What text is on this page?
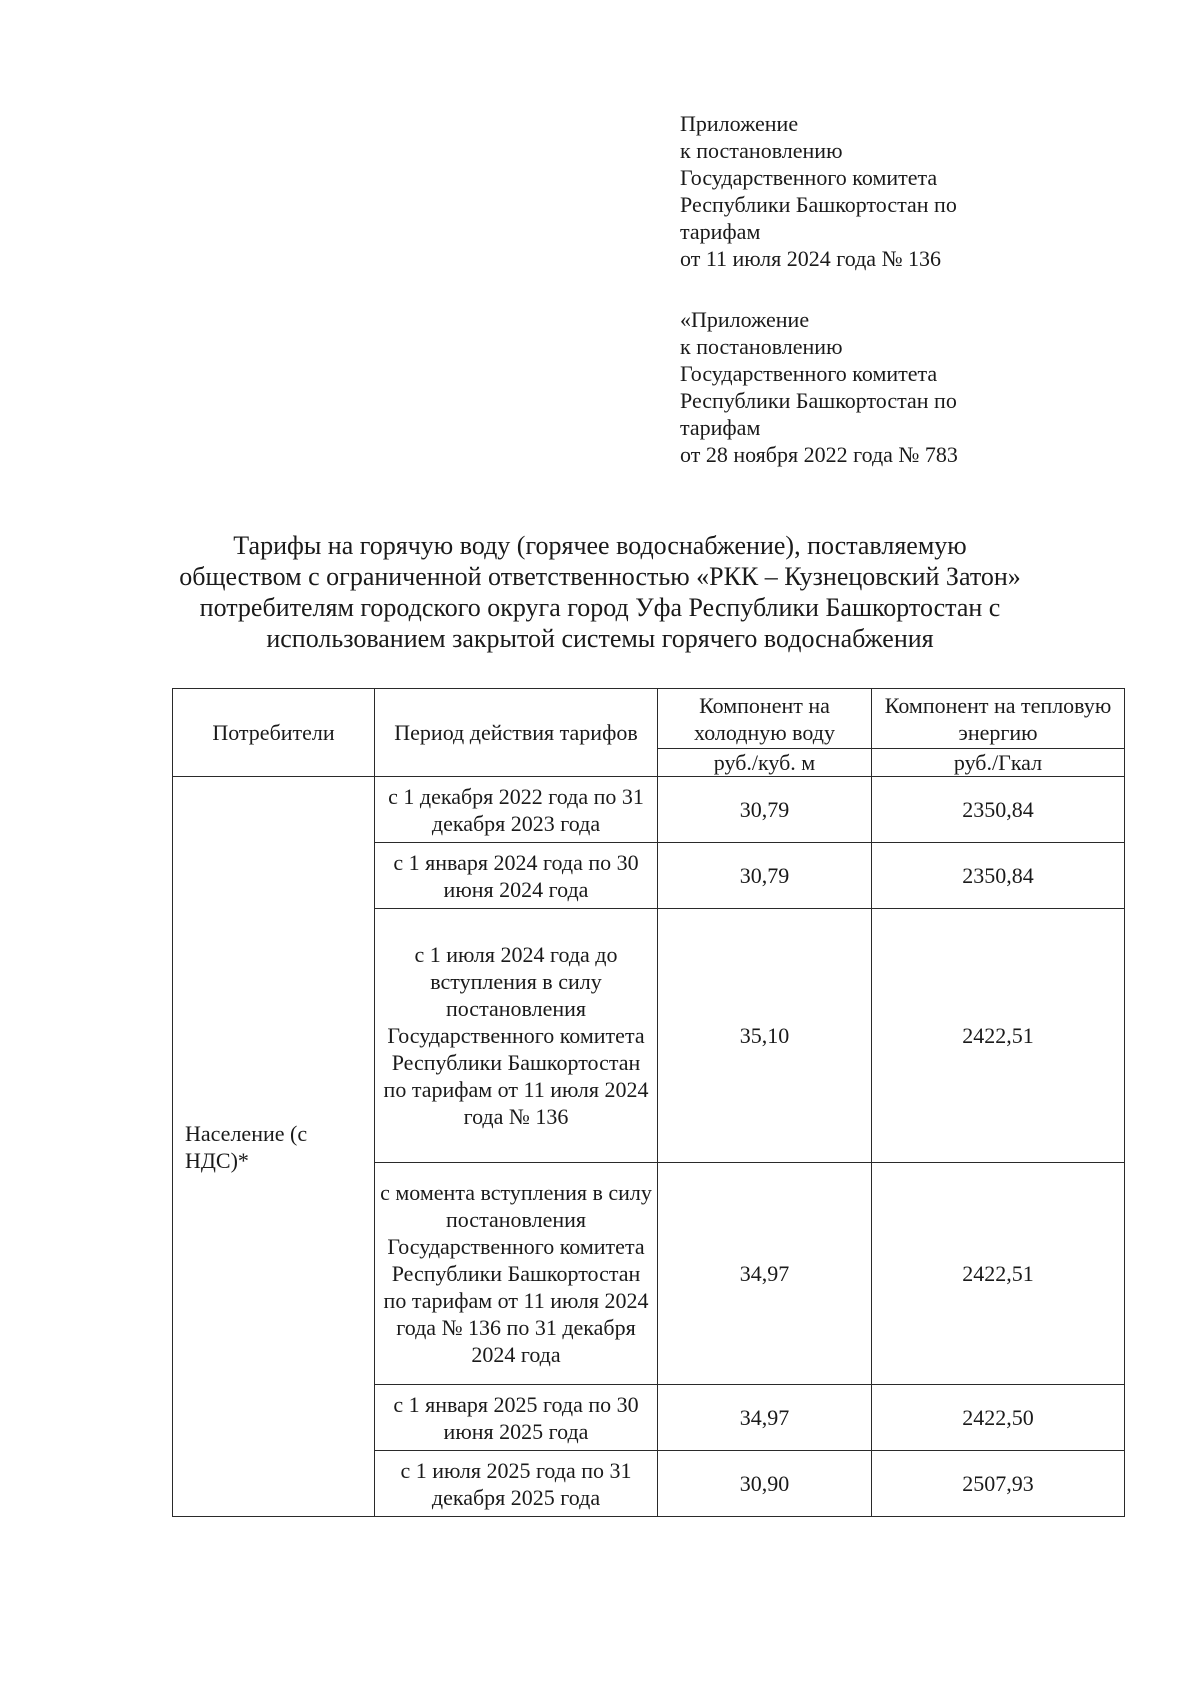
Приложение
к постановлению
Государственного комитета
Республики Башкортостан по
тарифам
от 11 июля 2024 года № 136
«Приложение
к постановлению
Государственного комитета
Республики Башкортостан по
тарифам
от 28 ноября 2022 года № 783
Тарифы на горячую воду (горячее водоснабжение), поставляемую
обществом с ограниченной ответственностью «РКК – Кузнецовский Затон»
потребителям городского округа город Уфа Республики Башкортостан с
использованием закрытой системы горячего водоснабжения
Потребители	Период действия тарифов	Компонент на холодную воду	Компонент на тепловую энергию
		руб./куб. м	руб./Гкал
Население (с НДС)*	с 1 декабря 2022 года по 31 декабря 2023 года	30,79	2350,84
	с 1 января 2024 года по 30 июня 2024 года	30,79	2350,84
	с 1 июля 2024 года до вступления в силу постановления Государственного комитета Республики Башкортостан по тарифам от 11 июля 2024 года № 136	35,10	2422,51
	с момента вступления в силу постановления Государственного комитета Республики Башкортостан по тарифам от 11 июля 2024 года № 136 по 31 декабря 2024 года	34,97	2422,51
	с 1 января 2025 года по 30 июня 2025 года	34,97	2422,50
	с 1 июля 2025 года по 31 декабря 2025 года	30,90	2507,93
